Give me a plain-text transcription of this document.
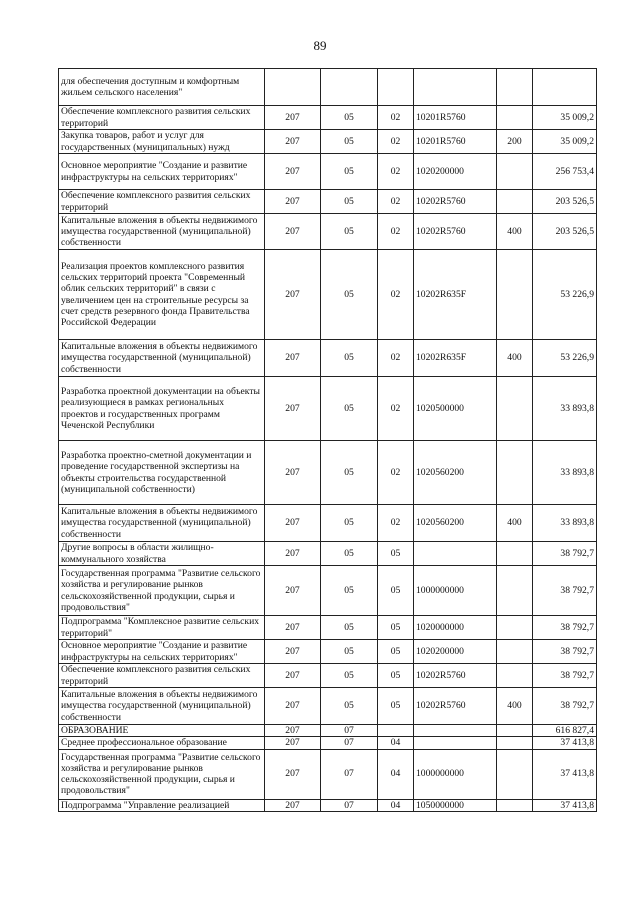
89
для обеспечения доступным и комфортным жильем сельского населения"						
Обеспечение комплексного развития сельских территорий	207	05	02	10201R5760		35 009,2
Закупка товаров, работ и услуг для государственных (муниципальных) нужд	207	05	02	10201R5760	200	35 009,2
Основное мероприятие "Создание и развитие инфраструктуры на сельских территориях"	207	05	02	1020200000		256 753,4
Обеспечение комплексного развития сельских территорий	207	05	02	10202R5760		203 526,5
Капитальные вложения в объекты недвижимого имущества государственной (муниципальной) собственности	207	05	02	10202R5760	400	203 526,5
Реализация проектов комплексного развития сельских территорий проекта "Современный облик сельских территорий" в связи с увеличением цен на строительные ресурсы за счет средств резервного фонда Правительства Российской Федерации	207	05	02	10202R635F		53 226,9
Капитальные вложения в объекты недвижимого имущества государственной (муниципальной) собственности	207	05	02	10202R635F	400	53 226,9
Разработка проектной документации на объекты реализующиеся в рамках региональных проектов и государственных программ Чеченской Республики	207	05	02	1020500000		33 893,8
Разработка проектно-сметной документации и проведение государственной экспертизы на объекты строительства государственной (муниципальной собственности)	207	05	02	1020560200		33 893,8
Капитальные вложения в объекты недвижимого имущества государственной (муниципальной) собственности	207	05	02	1020560200	400	33 893,8
Другие вопросы в области жилищно-коммунального хозяйства	207	05	05			38 792,7
Государственная программа "Развитие сельского хозяйства и регулирование рынков сельскохозяйственной продукции, сырья и продовольствия"	207	05	05	1000000000		38 792,7
Подпрограмма "Комплексное развитие сельских территорий"	207	05	05	1020000000		38 792,7
Основное мероприятие "Создание и развитие инфраструктуры на сельских территориях"	207	05	05	1020200000		38 792,7
Обеспечение комплексного развития сельских территорий	207	05	05	10202R5760		38 792,7
Капитальные вложения в объекты недвижимого имущества государственной (муниципальной) собственности	207	05	05	10202R5760	400	38 792,7
ОБРАЗОВАНИЕ	207	07				616 827,4
Среднее профессиональное образование	207	07	04			37 413,8
Государственная программа "Развитие сельского хозяйства и регулирование рынков сельскохозяйственной продукции, сырья и продовольствия"	207	07	04	1000000000		37 413,8
Подпрограмма "Управление реализацией	207	07	04	1050000000		37 413,8
